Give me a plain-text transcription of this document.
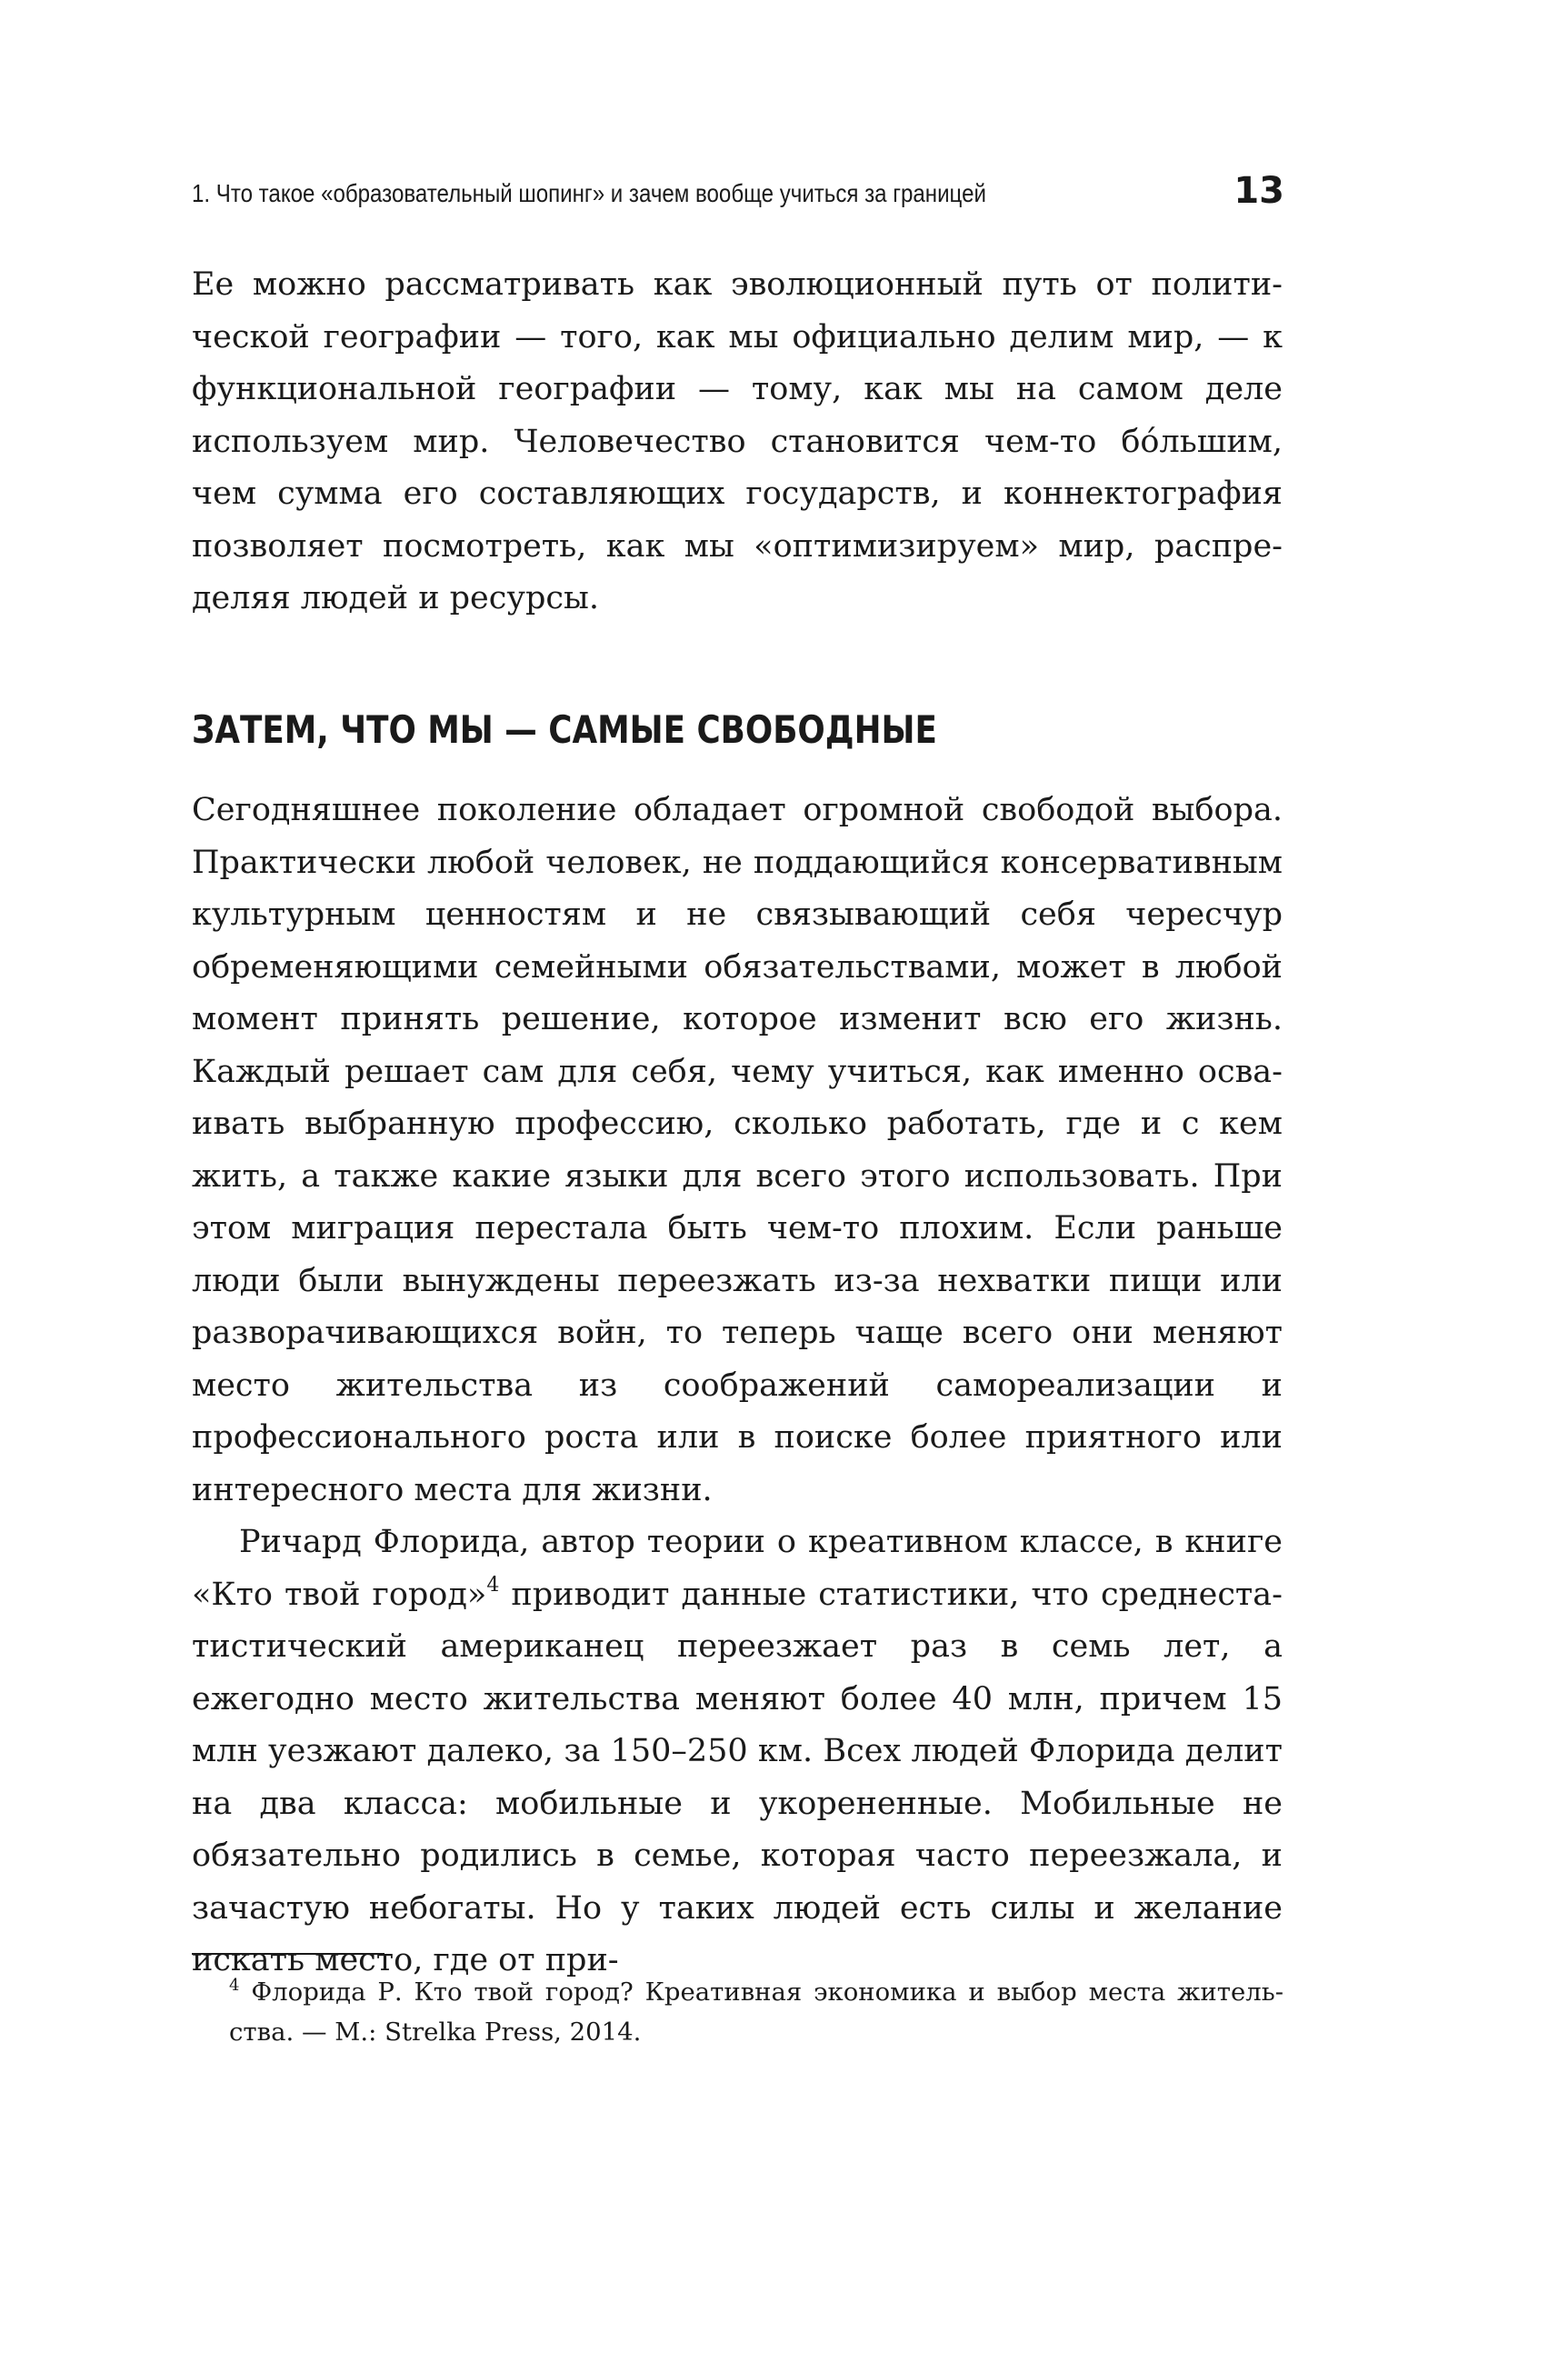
1. Что такое «образовательный шопинг» и зачем вообще учиться за границей	13

Ее можно рассматривать как эволюционный путь от политической географии — того, как мы официально делим мир, — к функциональной географии — тому, как мы на самом деле используем мир. Человечество становится чем-то бóльшим, чем сумма его составляющих государств, и коннектография позволяет посмотреть, как мы «оптимизируем» мир, распределяя людей и ресурсы.

ЗАТЕМ, ЧТО МЫ — САМЫЕ СВОБОДНЫЕ

Сегодняшнее поколение обладает огромной свободой выбора. Практически любой человек, не поддающийся консервативным культурным ценностям и не связывающий себя чересчур обременяющими семейными обязательствами, может в любой момент принять решение, которое изменит всю его жизнь. Каждый решает сам для себя, чему учиться, как именно осваивать выбранную профессию, сколько работать, где и с кем жить, а также какие языки для всего этого использовать. При этом миграция перестала быть чем-то плохим. Если раньше люди были вынуждены переезжать из-за нехватки пищи или разворачивающихся войн, то теперь чаще всего они меняют место жительства из соображений самореализации и профессионального роста или в поиске более приятного или интересного места для жизни.

Ричард Флорида, автор теории о креативном классе, в книге «Кто твой город»$^4$ приводит данные статистики, что среднестатистический американец переезжает раз в семь лет, а ежегодно место жительства меняют более 40 млн, причем 15 млн уезжают далеко, за 150–250 км. Всех людей Флорида делит на два класса: мобильные и укорененные. Мобильные не обязательно родились в семье, которая часто переезжала, и зачастую небогаты. Но у таких людей есть силы и желание искать место, где от при-

$^4$ Флорида Р. Кто твой город? Креативная экономика и выбор места жительства. — М.: Strelka Press, 2014.
